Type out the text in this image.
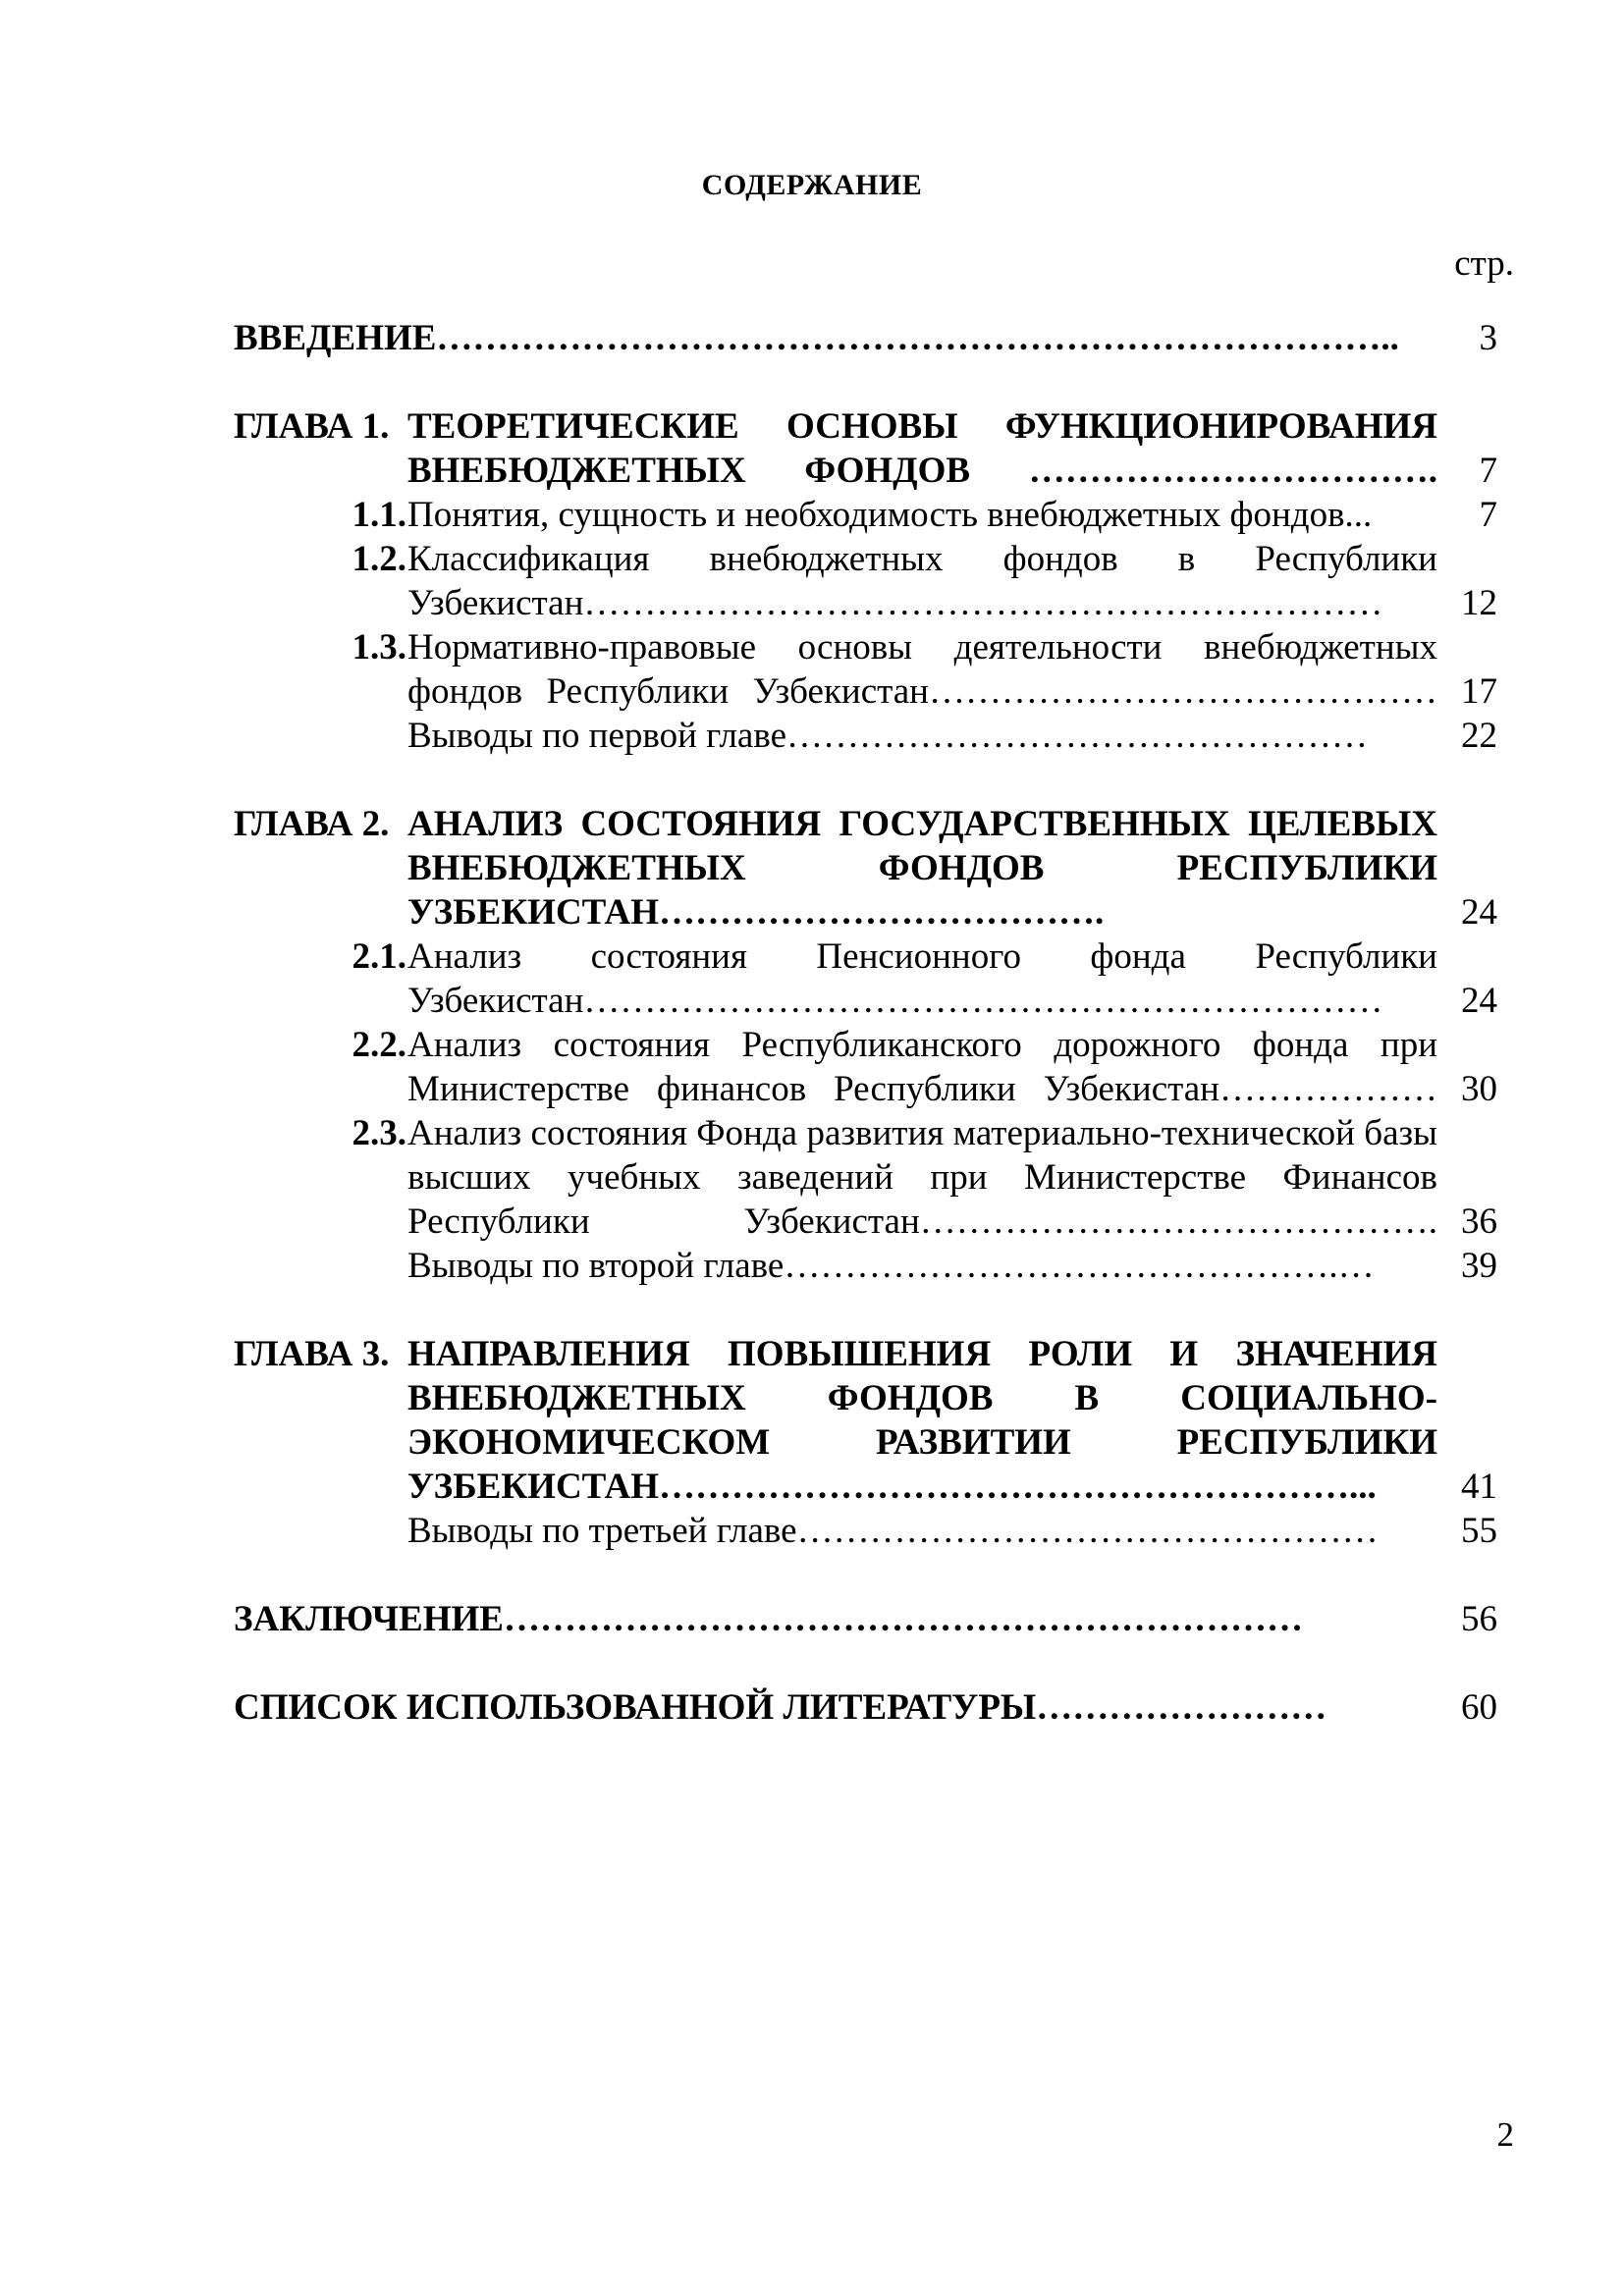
СОДЕРЖАНИЕ
стр.
ВВЕДЕНИЕ……………………………………………………………………..	3
ГЛАВА 1. ТЕОРЕТИЧЕСКИЕ ОСНОВЫ ФУНКЦИОНИРОВАНИЯ ВНЕБЮДЖЕТНЫХ ФОНДОВ …………………………….	7
1.1. Понятия, сущность и необходимость внебюджетных фондов...	7
1.2. Классификация внебюджетных фондов в Республики Узбекистан…………………………………………………………	12
1.3. Нормативно-правовые основы деятельности внебюджетных фондов Республики Узбекистан…………………………………… 17
Выводы по первой главе…………………………………………	22
ГЛАВА 2. АНАЛИЗ СОСТОЯНИЯ ГОСУДАРСТВЕННЫХ ЦЕЛЕВЫХ ВНЕБЮДЖЕТНЫХ ФОНДОВ РЕСПУБЛИКИ УЗБЕКИСТАН……………………………….	24
2.1. Анализ состояния Пенсионного фонда Республики Узбекистан…………………………………………………………	24
2.2. Анализ состояния Республиканского дорожного фонда при Министерстве финансов Республики Узбекистан……………… 30
2.3. Анализ состояния Фонда развития материально-технической базы высших учебных заведений при Министерстве Финансов Республики Узбекистан……………………………………. 36
Выводы по второй главе……………………………………….…	39
ГЛАВА 3. НАПРАВЛЕНИЯ ПОВЫШЕНИЯ РОЛИ И ЗНАЧЕНИЯ ВНЕБЮДЖЕТНЫХ ФОНДОВ В СОЦИАЛЬНО-ЭКОНОМИЧЕСКОМ РАЗВИТИИ РЕСПУБЛИКИ УЗБЕКИСТАН…………………………………………………...	41
Выводы по третьей главе…………………………………………	55
ЗАКЛЮЧЕНИЕ…………………………………………………………	56
СПИСОК ИСПОЛЬЗОВАННОЙ ЛИТЕРАТУРЫ……………………	60
2
